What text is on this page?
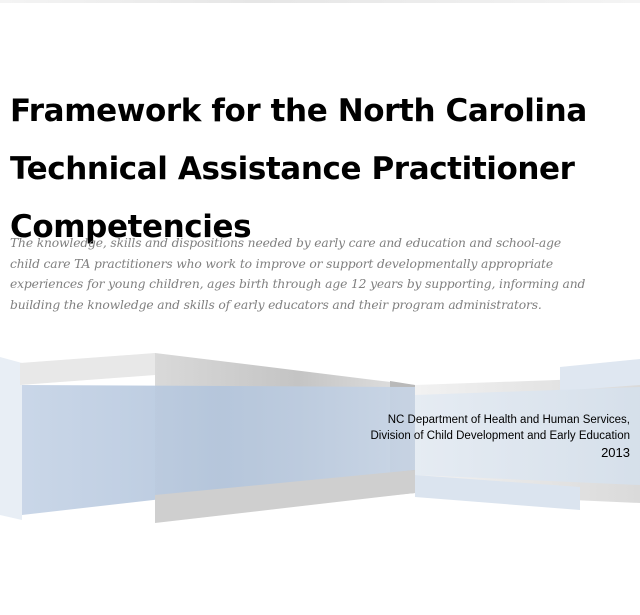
Framework for the North Carolina
Technical Assistance Practitioner
Competencies

The knowledge, skills and dispositions needed by early care and education and school-age
child care TA practitioners who work to improve or support developmentally appropriate
experiences for young children, ages birth through age 12 years by supporting, informing and
building the knowledge and skills of early educators and their program administrators.

NC Department of Health and Human Services,
Division of Child Development and Early Education
2013
